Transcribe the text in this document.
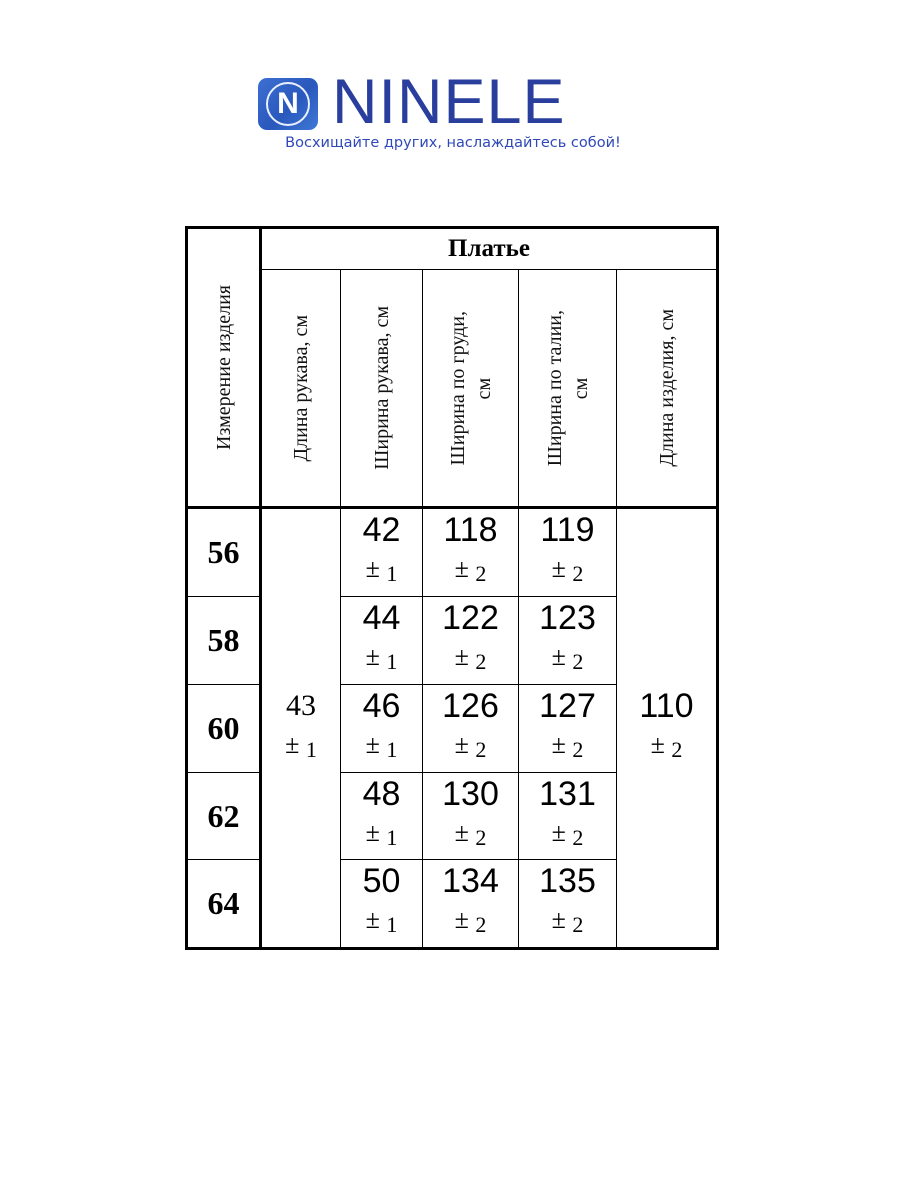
N NINELE
Восхищайте других, наслаждайтесь собой!
Измерение изделия	Платье				

	Длина рукава, см	Ширина рукава, см	Ширина по груди,
см	Ширина по талии,
см	Длина изделия, см

56	43
± 1	42
± 1	118
± 2	119
± 2	110
± 2

58		44
± 1	122
± 2	123
± 2	

60		46
± 1	126
± 2	127
± 2	

62		48
± 1	130
± 2	131
± 2	

64		50
± 1	134
± 2	135
± 2	
